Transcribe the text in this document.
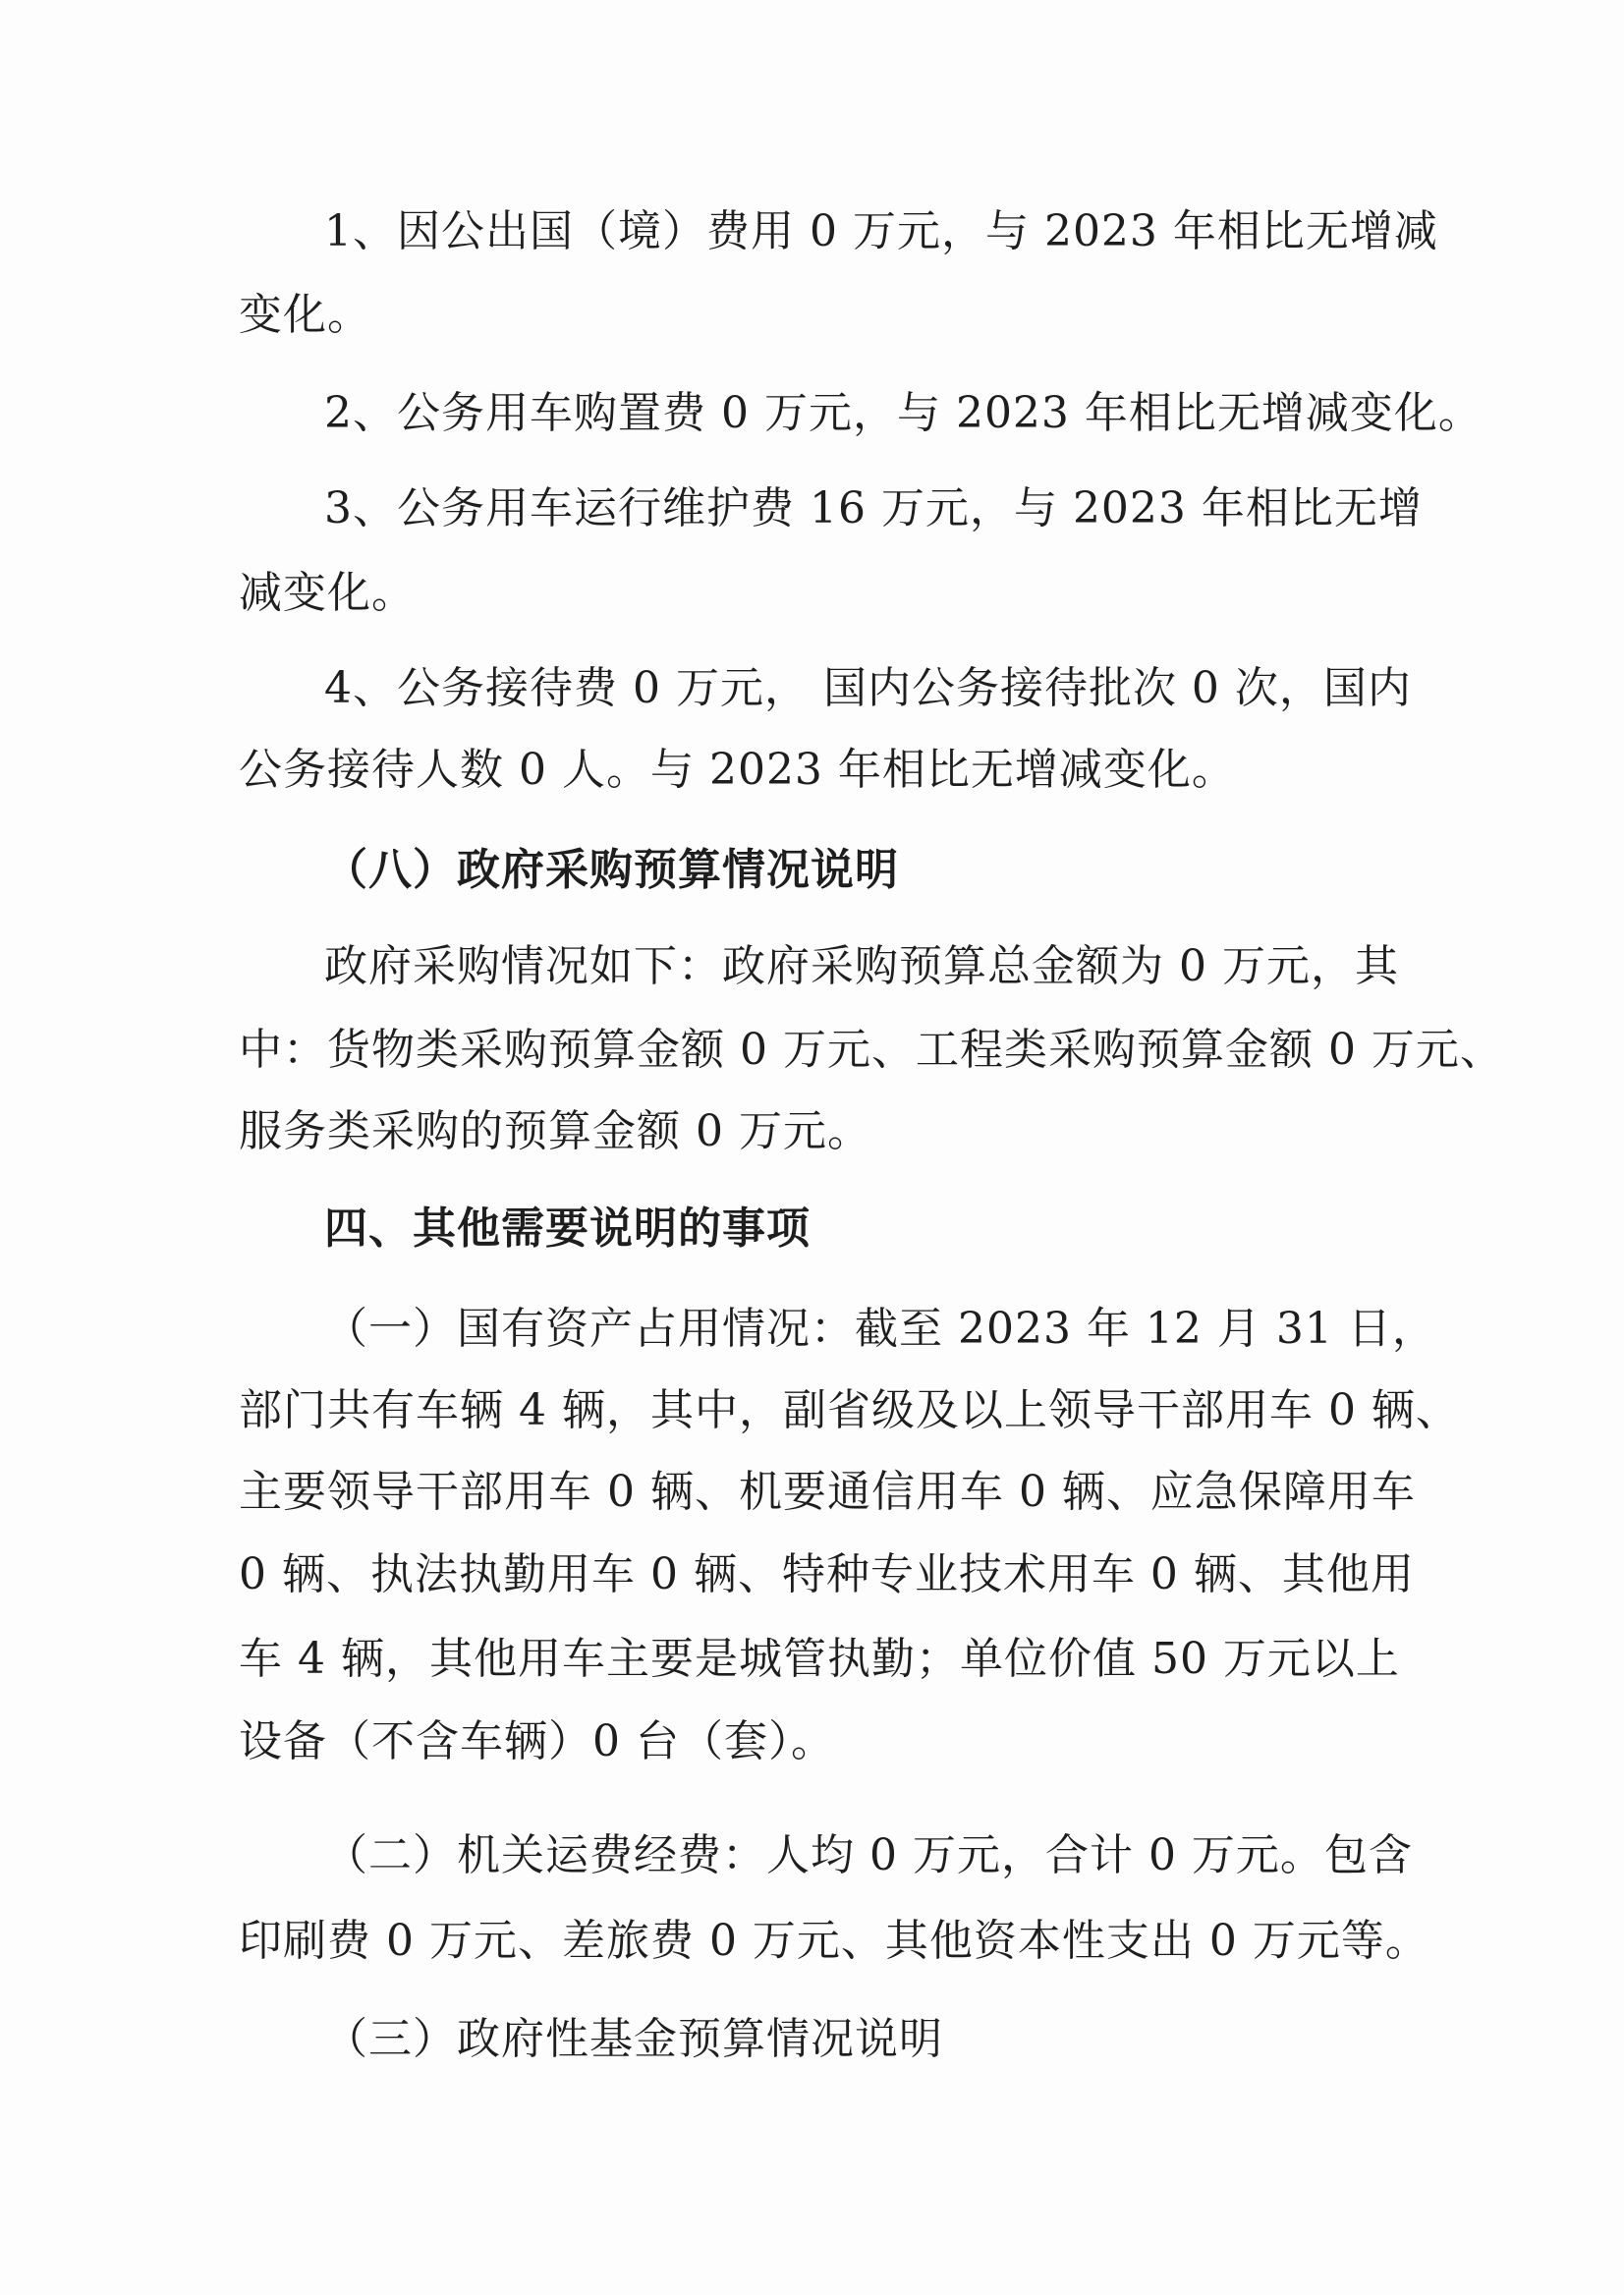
1、因公出国（境）费用 0 万元，与 2023 年相比无增减
变化。
2、公务用车购置费 0 万元，与 2023 年相比无增减变化。
3、公务用车运行维护费 16 万元，与 2023 年相比无增
减变化。
4、公务接待费 0 万元， 国内公务接待批次 0 次，国内
公务接待人数 0 人。与 2023 年相比无增减变化。
（八）政府采购预算情况说明
政府采购情况如下：政府采购预算总金额为 0 万元，其
中：货物类采购预算金额 0 万元、工程类采购预算金额 0 万元、
服务类采购的预算金额 0 万元。
四、其他需要说明的事项
（一）国有资产占用情况：截至 2023 年 12 月 31 日，
部门共有车辆 4 辆，其中，副省级及以上领导干部用车 0 辆、
主要领导干部用车 0 辆、机要通信用车 0 辆、应急保障用车
0 辆、执法执勤用车 0 辆、特种专业技术用车 0 辆、其他用
车 4 辆，其他用车主要是城管执勤；单位价值 50 万元以上
设备（不含车辆）0 台（套）。
（二）机关运费经费：人均 0 万元，合计 0 万元。包含
印刷费 0 万元、差旅费 0 万元、其他资本性支出 0 万元等。
（三）政府性基金预算情况说明
